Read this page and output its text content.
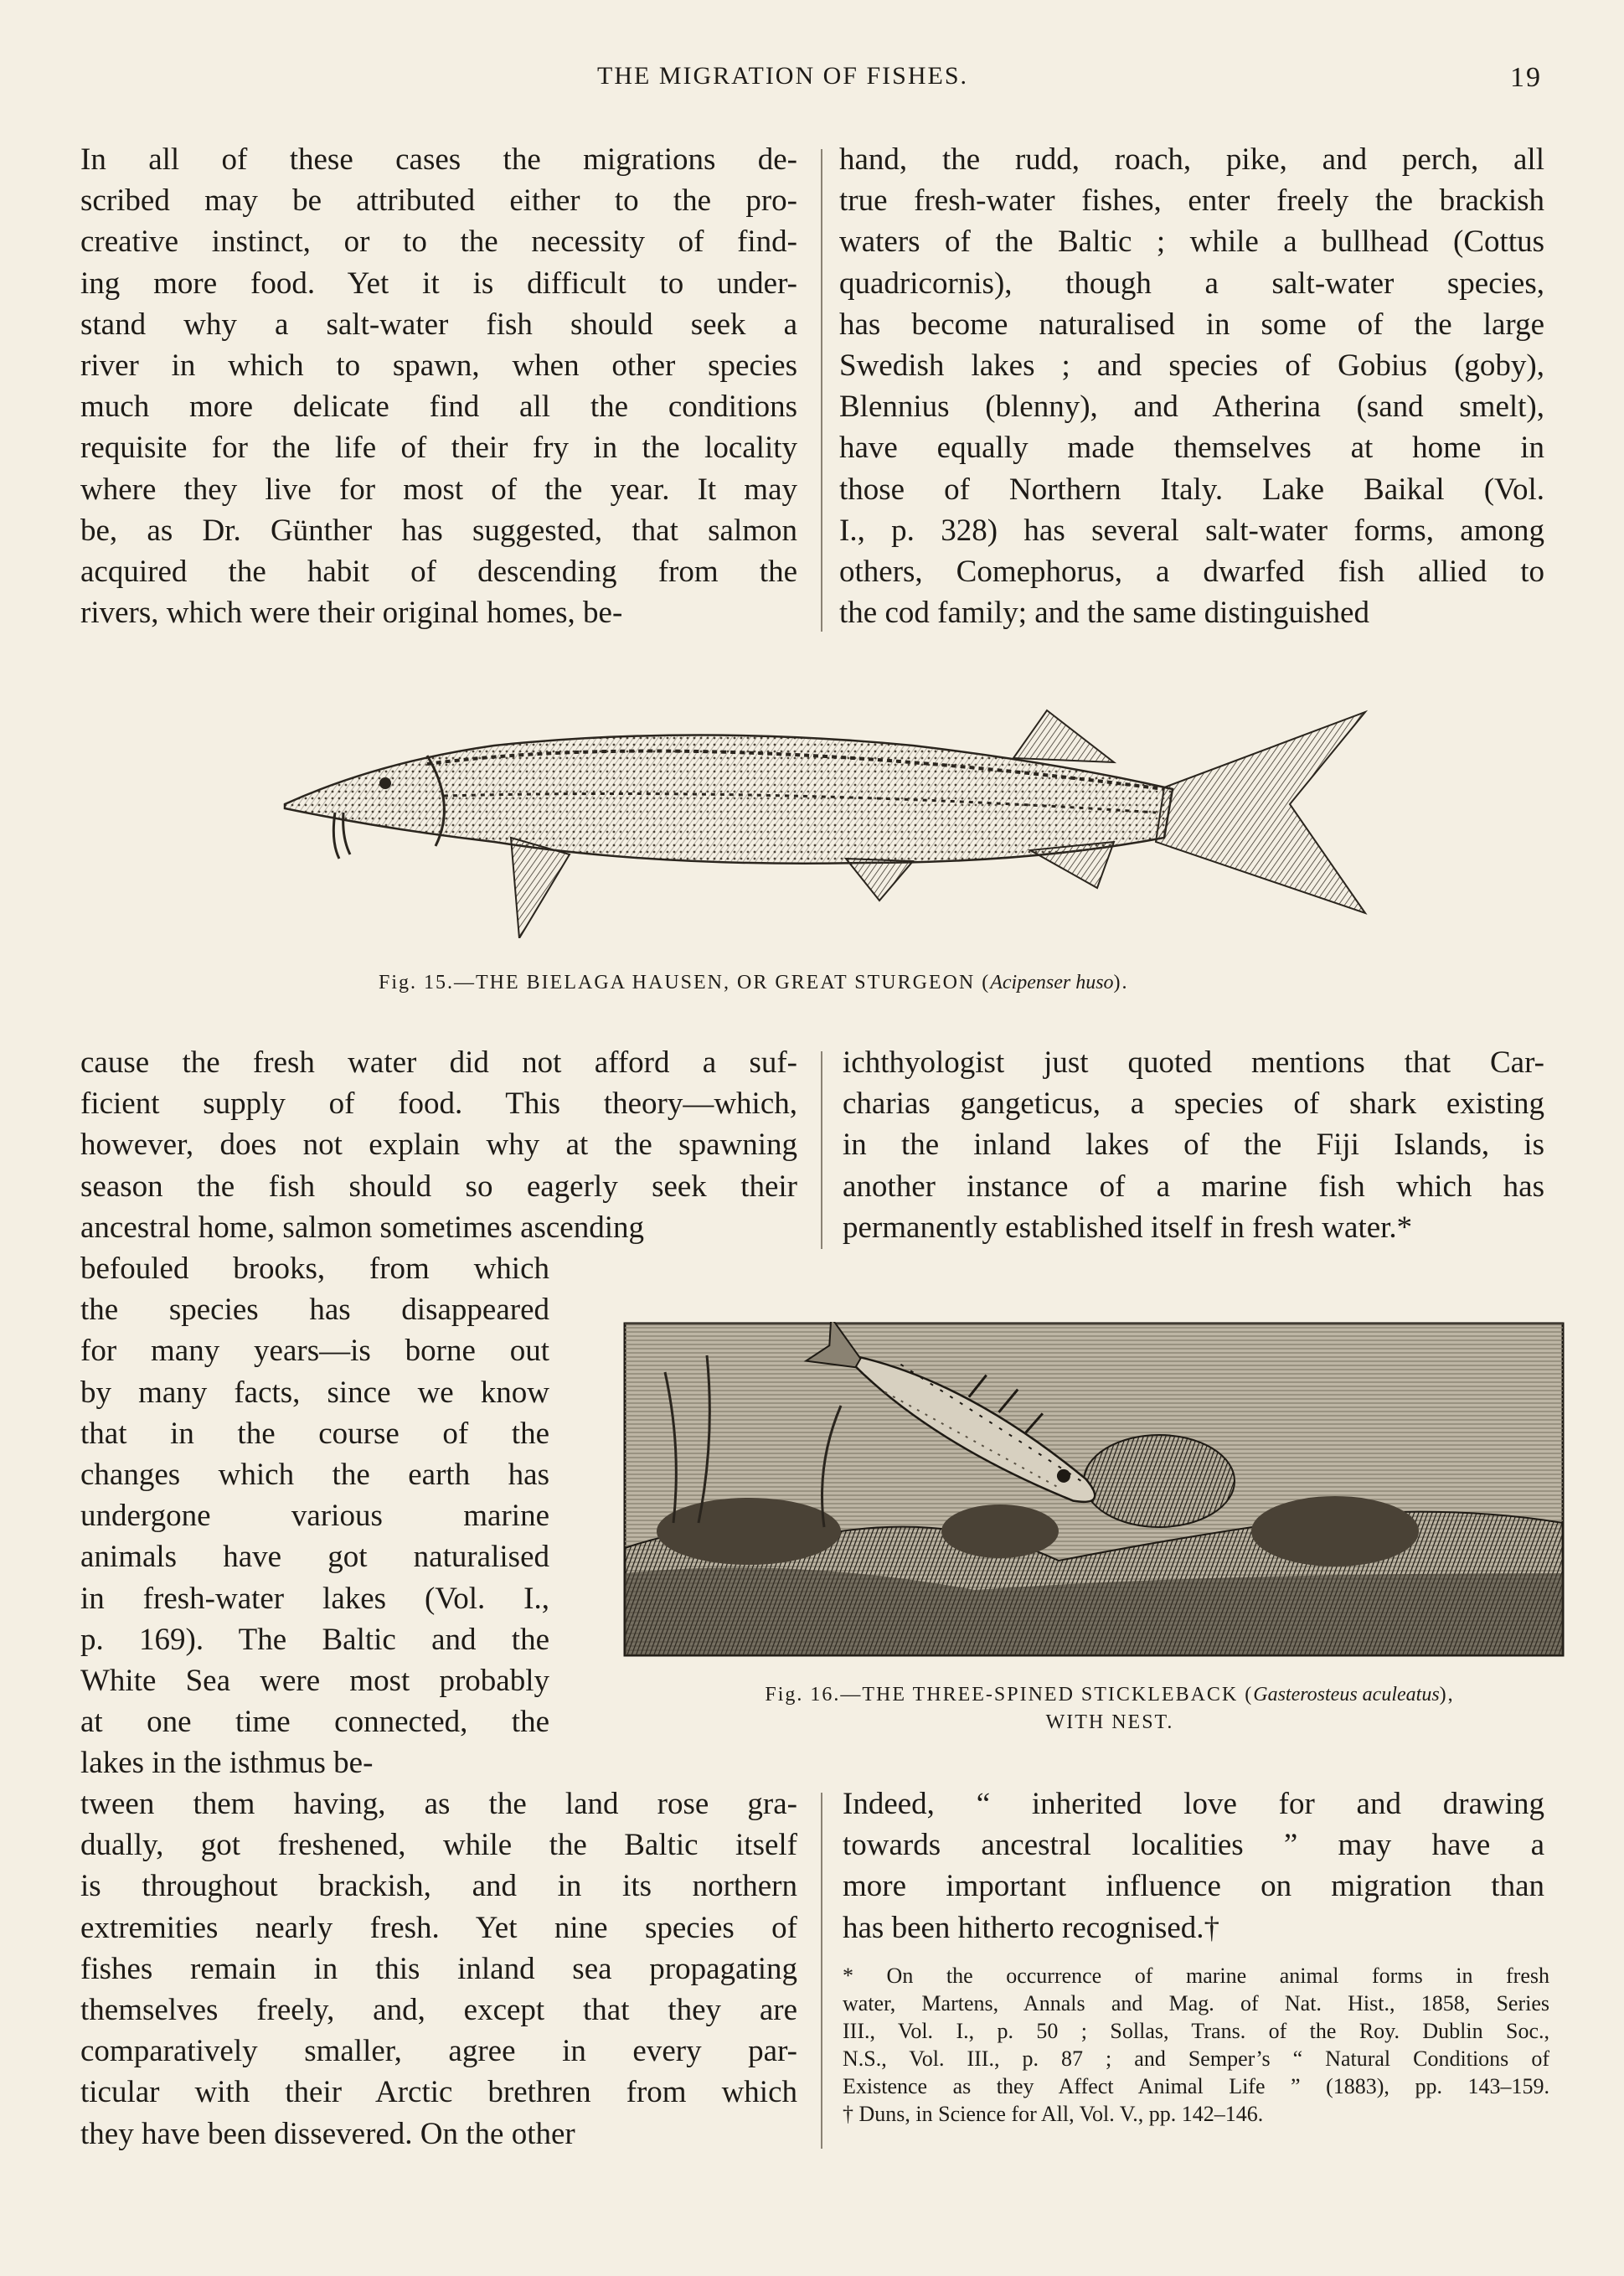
THE MIGRATION OF FISHES.	19

In all of these cases the migrations de-

scribed may be attributed either to the pro-

creative instinct, or to the necessity of find-

ing more food. Yet it is difficult to under-

stand why a salt-water fish should seek a

river in which to spawn, when other species

much more delicate find all the conditions

requisite for the life of their fry in the locality

where they live for most of the year. It may

be, as Dr. Günther has suggested, that salmon

acquired the habit of descending from the

rivers, which were their original homes, be-

hand, the rudd, roach, pike, and perch, all

true fresh-water fishes, enter freely the brackish

waters of the Baltic ; while a bullhead (Cottus

quadricornis), though a salt-water species,

has become naturalised in some of the large

Swedish lakes ; and species of Gobius (goby),

Blennius (blenny), and Atherina (sand smelt),

have equally made themselves at home in

those of Northern Italy. Lake Baikal (Vol.

I., p. 328) has several salt-water forms, among

others, Comephorus, a dwarfed fish allied to

the cod family; and the same distinguished

Fig. 15.—THE BIELAGA HAUSEN, OR GREAT STURGEON (Acipenser huso).

cause the fresh water did not afford a suf-

ficient supply of food. This theory—which,

however, does not explain why at the spawning

season the fish should so eagerly seek their

ancestral home, salmon sometimes ascending

ichthyologist just quoted mentions that Car-

charias gangeticus, a species of shark existing

in the inland lakes of the Fiji Islands, is

another instance of a marine fish which has

permanently established itself in fresh water.*

befouled brooks, from which

the species has disappeared

for many years—is borne out

by many facts, since we know

that in the course of the

changes which the earth has

undergone various marine

animals have got naturalised

in fresh-water lakes (Vol. I.,

p. 169). The Baltic and the

White Sea were most probably

at one time connected, the

lakes in the isthmus be-

Fig. 16.—THE THREE-SPINED STICKLEBACK (Gasterosteus aculeatus),
WITH NEST.

tween them having, as the land rose gra-

dually, got freshened, while the Baltic itself

is throughout brackish, and in its northern

extremities nearly fresh. Yet nine species of

fishes remain in this inland sea propagating

themselves freely, and, except that they are

comparatively smaller, agree in every par-

ticular with their Arctic brethren from which

they have been dissevered. On the other

Indeed, “ inherited love for and drawing

towards ancestral localities ” may have a

more important influence on migration than

has been hitherto recognised.†

* On the occurrence of marine animal forms in fresh

water, Martens, Annals and Mag. of Nat. Hist., 1858, Series

III., Vol. I., p. 50 ; Sollas, Trans. of the Roy. Dublin Soc.,

N.S., Vol. III., p. 87 ; and Semper’s “ Natural Conditions of

Existence as they Affect Animal Life ” (1883), pp. 143–159.

† Duns, in Science for All, Vol. V., pp. 142–146.
